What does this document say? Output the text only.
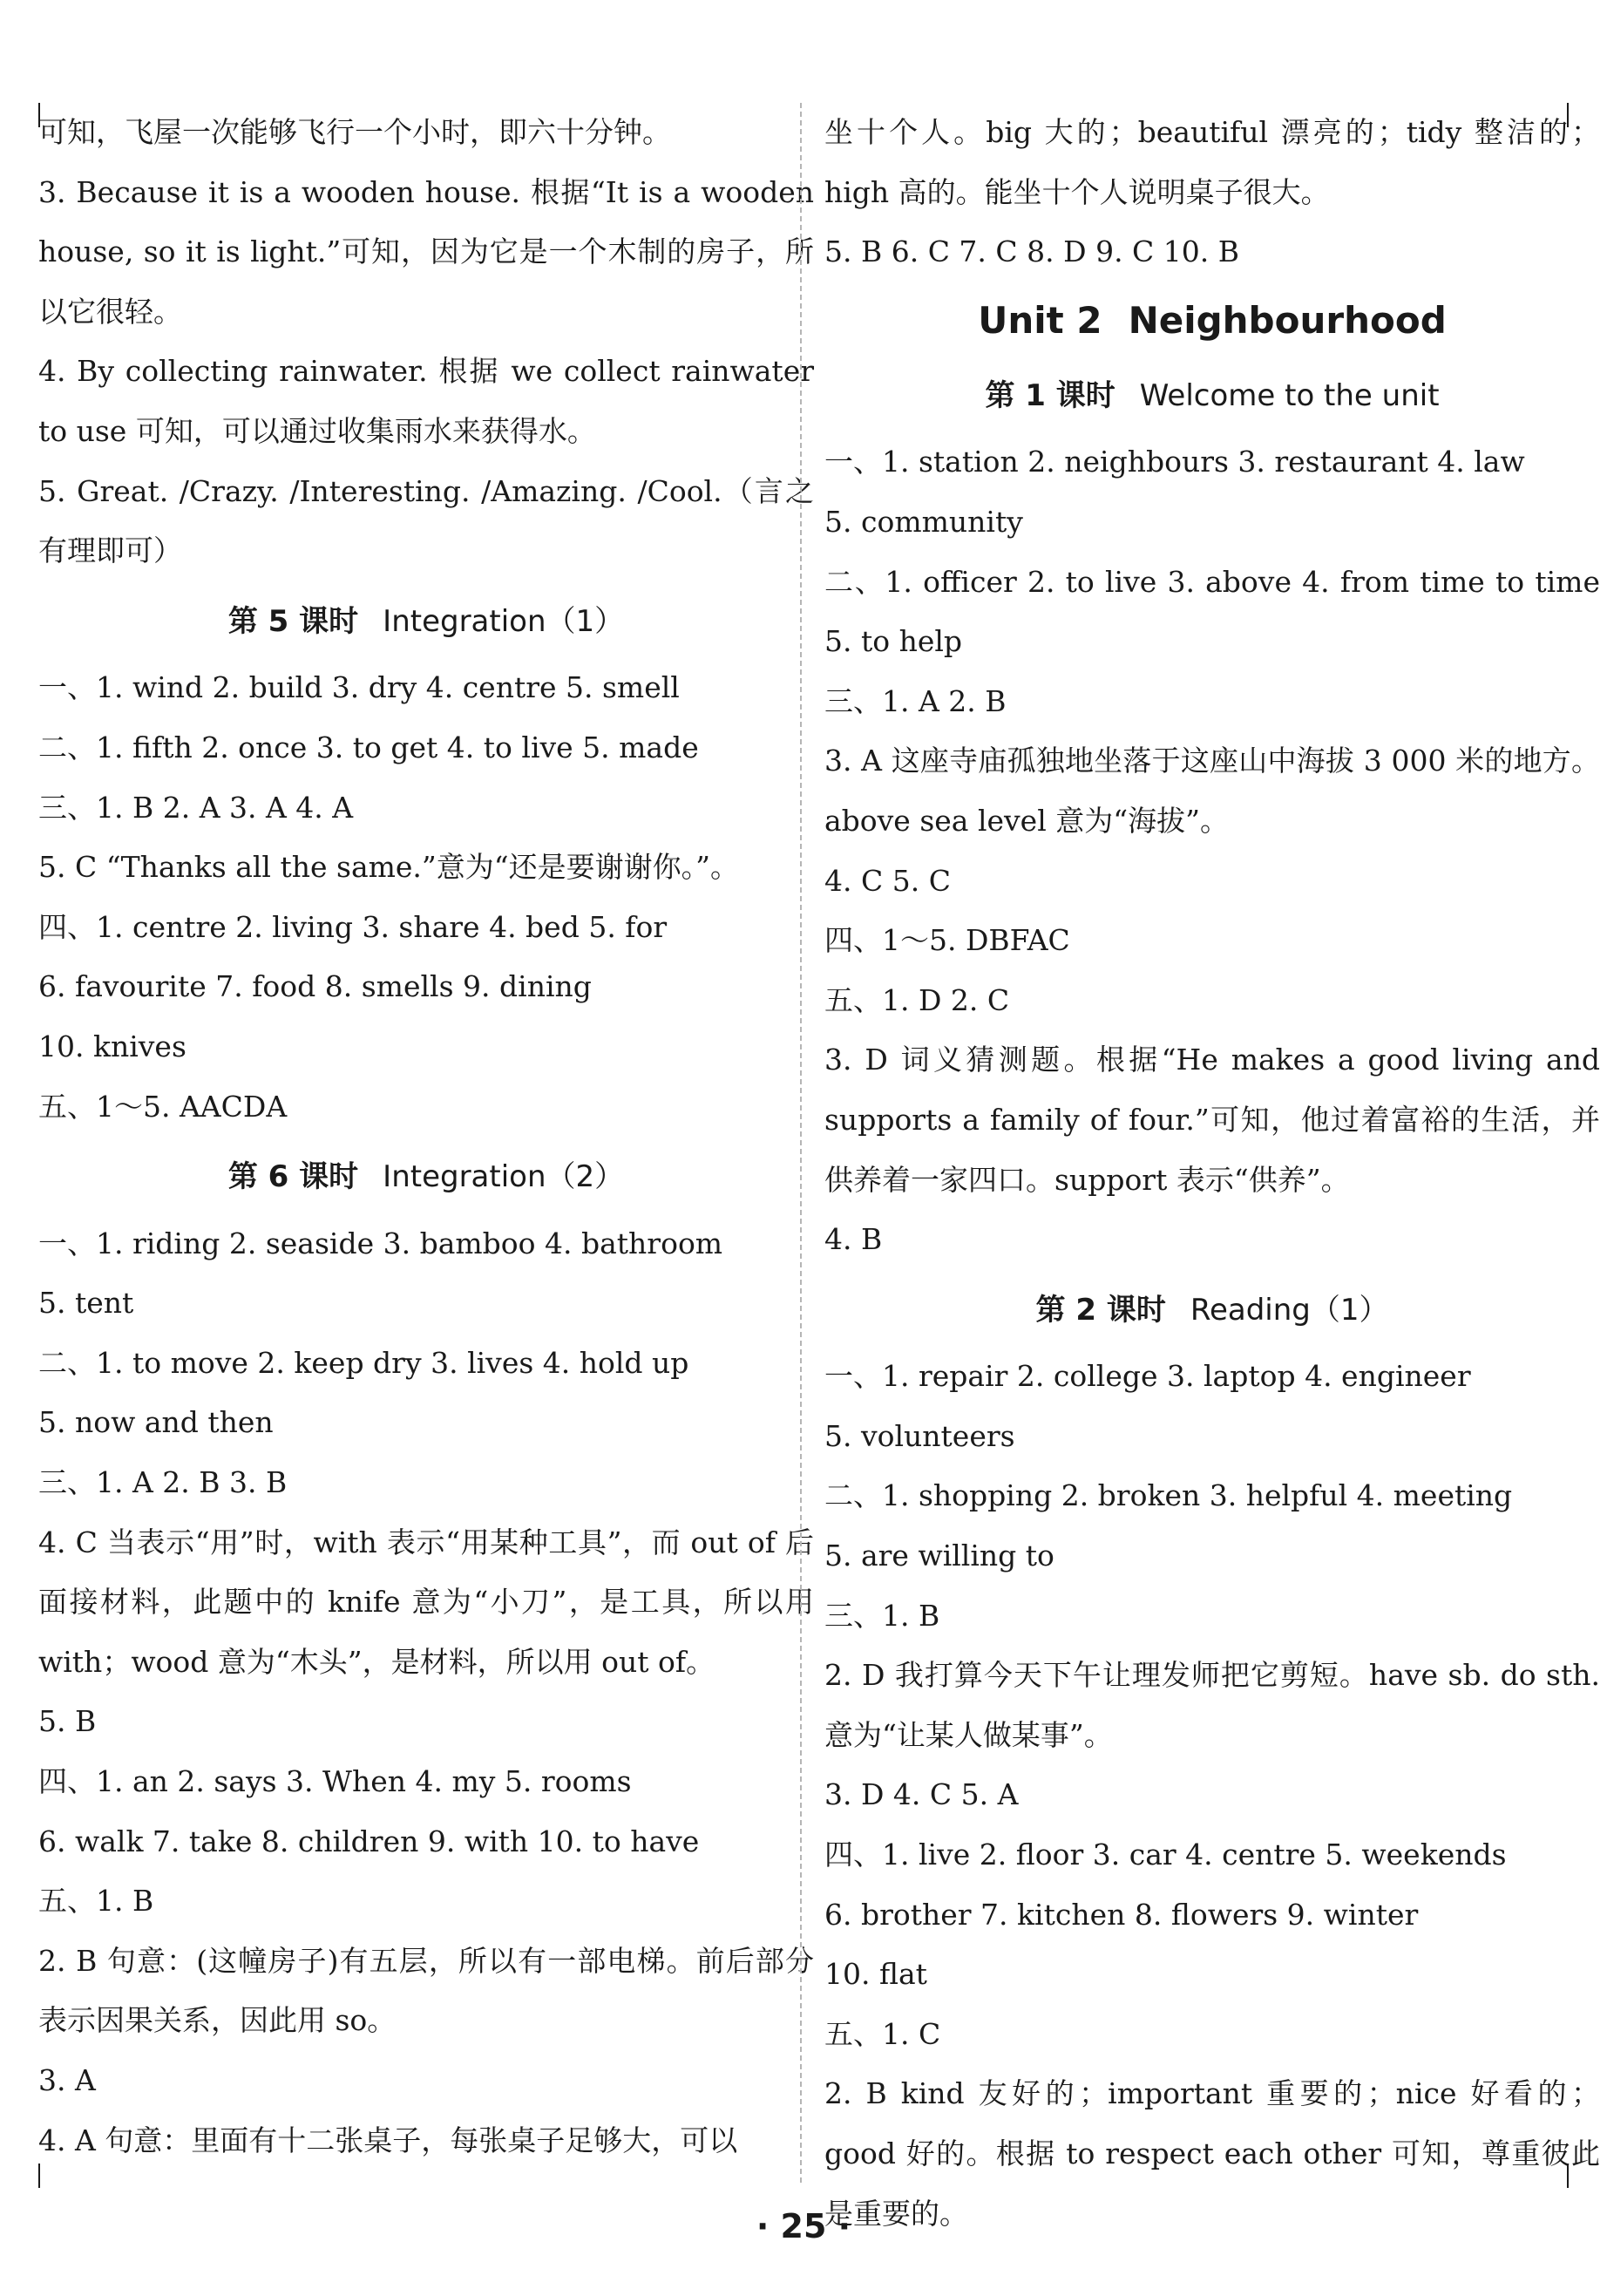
可知，飞屋一次能够飞行一个小时，即六十分钟。
3. Because it is a wooden house. 根据“It is a wooden house, so it is light.”可知，因为它是一个木制的房子，所以它很轻。
4. By collecting rainwater. 根据 we collect rainwater to use 可知，可以通过收集雨水来获得水。
5. Great. /Crazy. /Interesting. /Amazing. /Cool.（言之有理即可）
第 5 课时 Integration（1）
一、1. wind 2. build 3. dry 4. centre 5. smell
二、1. fifth 2. once 3. to get 4. to live 5. made
三、1. B 2. A 3. A 4. A
5. C “Thanks all the same.”意为“还是要谢谢你。”。
四、1. centre 2. living 3. share 4. bed 5. for
6. favourite 7. food 8. smells 9. dining
10. knives
五、1～5. AACDA
第 6 课时 Integration（2）
一、1. riding 2. seaside 3. bamboo 4. bathroom
5. tent
二、1. to move 2. keep dry 3. lives 4. hold up
5. now and then
三、1. A 2. B 3. B
4. C 当表示“用”时，with 表示“用某种工具”，而 out of 后面接材料，此题中的 knife 意为“小刀”，是工具，所以用 with；wood 意为“木头”，是材料，所以用 out of。
5. B
四、1. an 2. says 3. When 4. my 5. rooms
6. walk 7. take 8. children 9. with 10. to have
五、1. B
2. B 句意：(这幢房子)有五层，所以有一部电梯。前后部分表示因果关系，因此用 so。
3. A
4. A 句意：里面有十二张桌子，每张桌子足够大，可以
坐十个人。big 大的；beautiful 漂亮的；tidy 整洁的；high 高的。能坐十个人说明桌子很大。
5. B 6. C 7. C 8. D 9. C 10. B
Unit 2 Neighbourhood
第 1 课时 Welcome to the unit
一、1. station 2. neighbours 3. restaurant 4. law
5. community
二、1. officer 2. to live 3. above 4. from time to time 5. to help
三、1. A 2. B
3. A 这座寺庙孤独地坐落于这座山中海拔 3 000 米的地方。above sea level 意为“海拔”。
4. C 5. C
四、1～5. DBFAC
五、1. D 2. C
3. D 词义猜测题。根据“He makes a good living and supports a family of four.”可知，他过着富裕的生活，并供养着一家四口。support 表示“供养”。
4. B
第 2 课时 Reading（1）
一、1. repair 2. college 3. laptop 4. engineer
5. volunteers
二、1. shopping 2. broken 3. helpful 4. meeting
5. are willing to
三、1. B
2. D 我打算今天下午让理发师把它剪短。have sb. do sth. 意为“让某人做某事”。
3. D 4. C 5. A
四、1. live 2. floor 3. car 4. centre 5. weekends
6. brother 7. kitchen 8. flowers 9. winter
10. flat
五、1. C
2. B kind 友好的；important 重要的；nice 好看的；good 好的。根据 to respect each other 可知，尊重彼此是重要的。
· 25 ·
